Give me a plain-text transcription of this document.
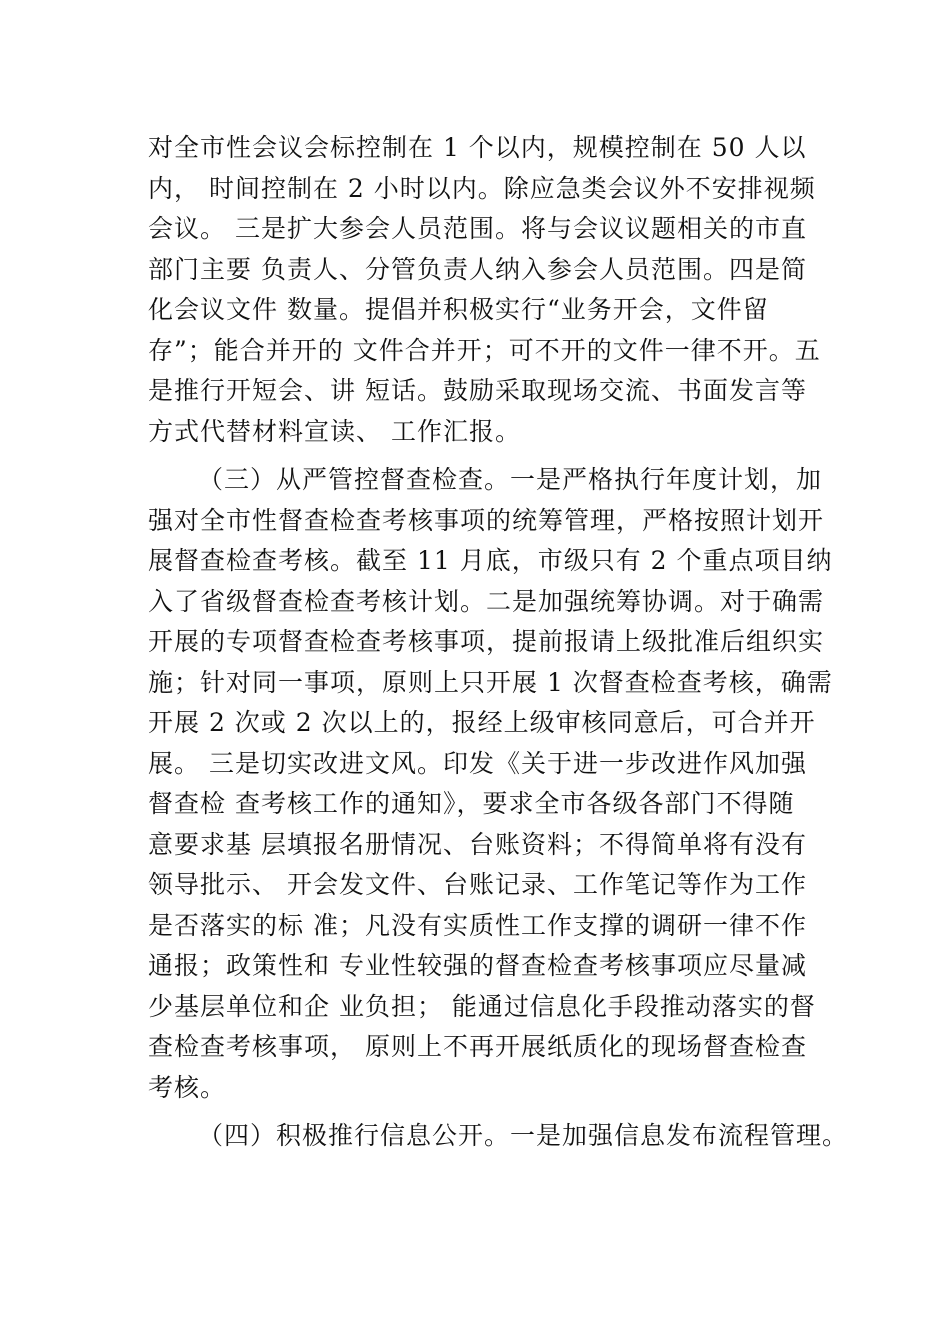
对全市性会议会标控制在 1 个以内，规模控制在 50 人以
内， 时间控制在 2 小时以内。除应急类会议外不安排视频
会议。 三是扩大参会人员范围。将与会议议题相关的市直
部门主要 负责人、分管负责人纳入参会人员范围。四是简
化会议文件 数量。提倡并积极实行“业务开会，文件留
存”；能合并开的 文件合并开；可不开的文件一律不开。五
是推行开短会、讲 短话。鼓励采取现场交流、书面发言等
方式代替材料宣读、 工作汇报。
（三）从严管控督查检查。一是严格执行年度计划，加
强对全市性督查检查考核事项的统筹管理，严格按照计划开
展督查检查考核。截至 11 月底，市级只有 2 个重点项目纳
入了省级督查检查考核计划。二是加强统筹协调。对于确需
开展的专项督查检查考核事项，提前报请上级批准后组织实
施；针对同一事项，原则上只开展 1 次督查检查考核，确需
开展 2 次或 2 次以上的，报经上级审核同意后，可合并开
展。 三是切实改进文风。印发《关于进一步改进作风加强
督查检 查考核工作的通知》，要求全市各级各部门不得随
意要求基 层填报名册情况、台账资料；不得简单将有没有
领导批示、 开会发文件、台账记录、工作笔记等作为工作
是否落实的标 准；凡没有实质性工作支撑的调研一律不作
通报；政策性和 专业性较强的督查检查考核事项应尽量减
少基层单位和企 业负担； 能通过信息化手段推动落实的督
查检查考核事项， 原则上不再开展纸质化的现场督查检查
考核。
（四）积极推行信息公开。一是加强信息发布流程管理。
